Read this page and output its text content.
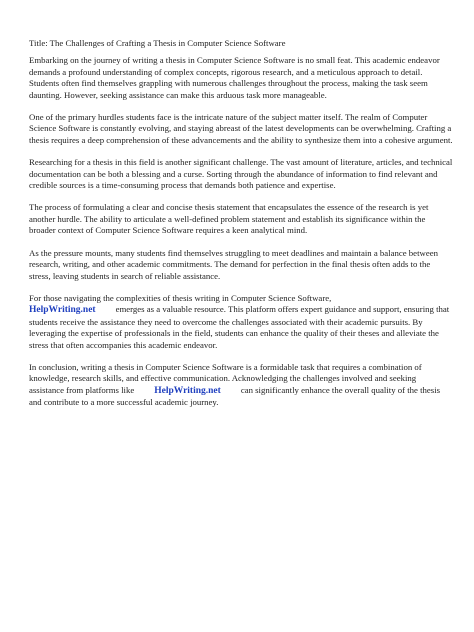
Title: The Challenges of Crafting a Thesis in Computer Science Software

Embarking on the journey of writing a thesis in Computer Science Software is no small feat. This academic endeavor demands a profound understanding of complex concepts, rigorous research, and a meticulous approach to detail. Students often find themselves grappling with numerous challenges throughout the process, making the task seem daunting. However, seeking assistance can make this arduous task more manageable.

One of the primary hurdles students face is the intricate nature of the subject matter itself. The realm of Computer Science Software is constantly evolving, and staying abreast of the latest developments can be overwhelming. Crafting a thesis requires a deep comprehension of these advancements and the ability to synthesize them into a cohesive argument.

Researching for a thesis in this field is another significant challenge. The vast amount of literature, articles, and technical documentation can be both a blessing and a curse. Sorting through the abundance of information to find relevant and credible sources is a time-consuming process that demands both patience and expertise.

The process of formulating a clear and concise thesis statement that encapsulates the essence of the research is yet another hurdle. The ability to articulate a well-defined problem statement and establish its significance within the broader context of Computer Science Software requires a keen analytical mind.

As the pressure mounts, many students find themselves struggling to meet deadlines and maintain a balance between research, writing, and other academic commitments. The demand for perfection in the final thesis often adds to the stress, leaving students in search of reliable assistance.

For those navigating the complexities of thesis writing in Computer Science Software,
HelpWriting.net emerges as a valuable resource. This platform offers expert guidance and support, ensuring that students receive the assistance they need to overcome the challenges associated with their academic pursuits. By leveraging the expertise of professionals in the field, students can enhance the quality of their theses and alleviate the stress that often accompanies this academic endeavor.

In conclusion, writing a thesis in Computer Science Software is a formidable task that requires a combination of knowledge, research skills, and effective communication. Acknowledging the challenges involved and seeking assistance from platforms like HelpWriting.net can significantly enhance the overall quality of the thesis and contribute to a more successful academic journey.
